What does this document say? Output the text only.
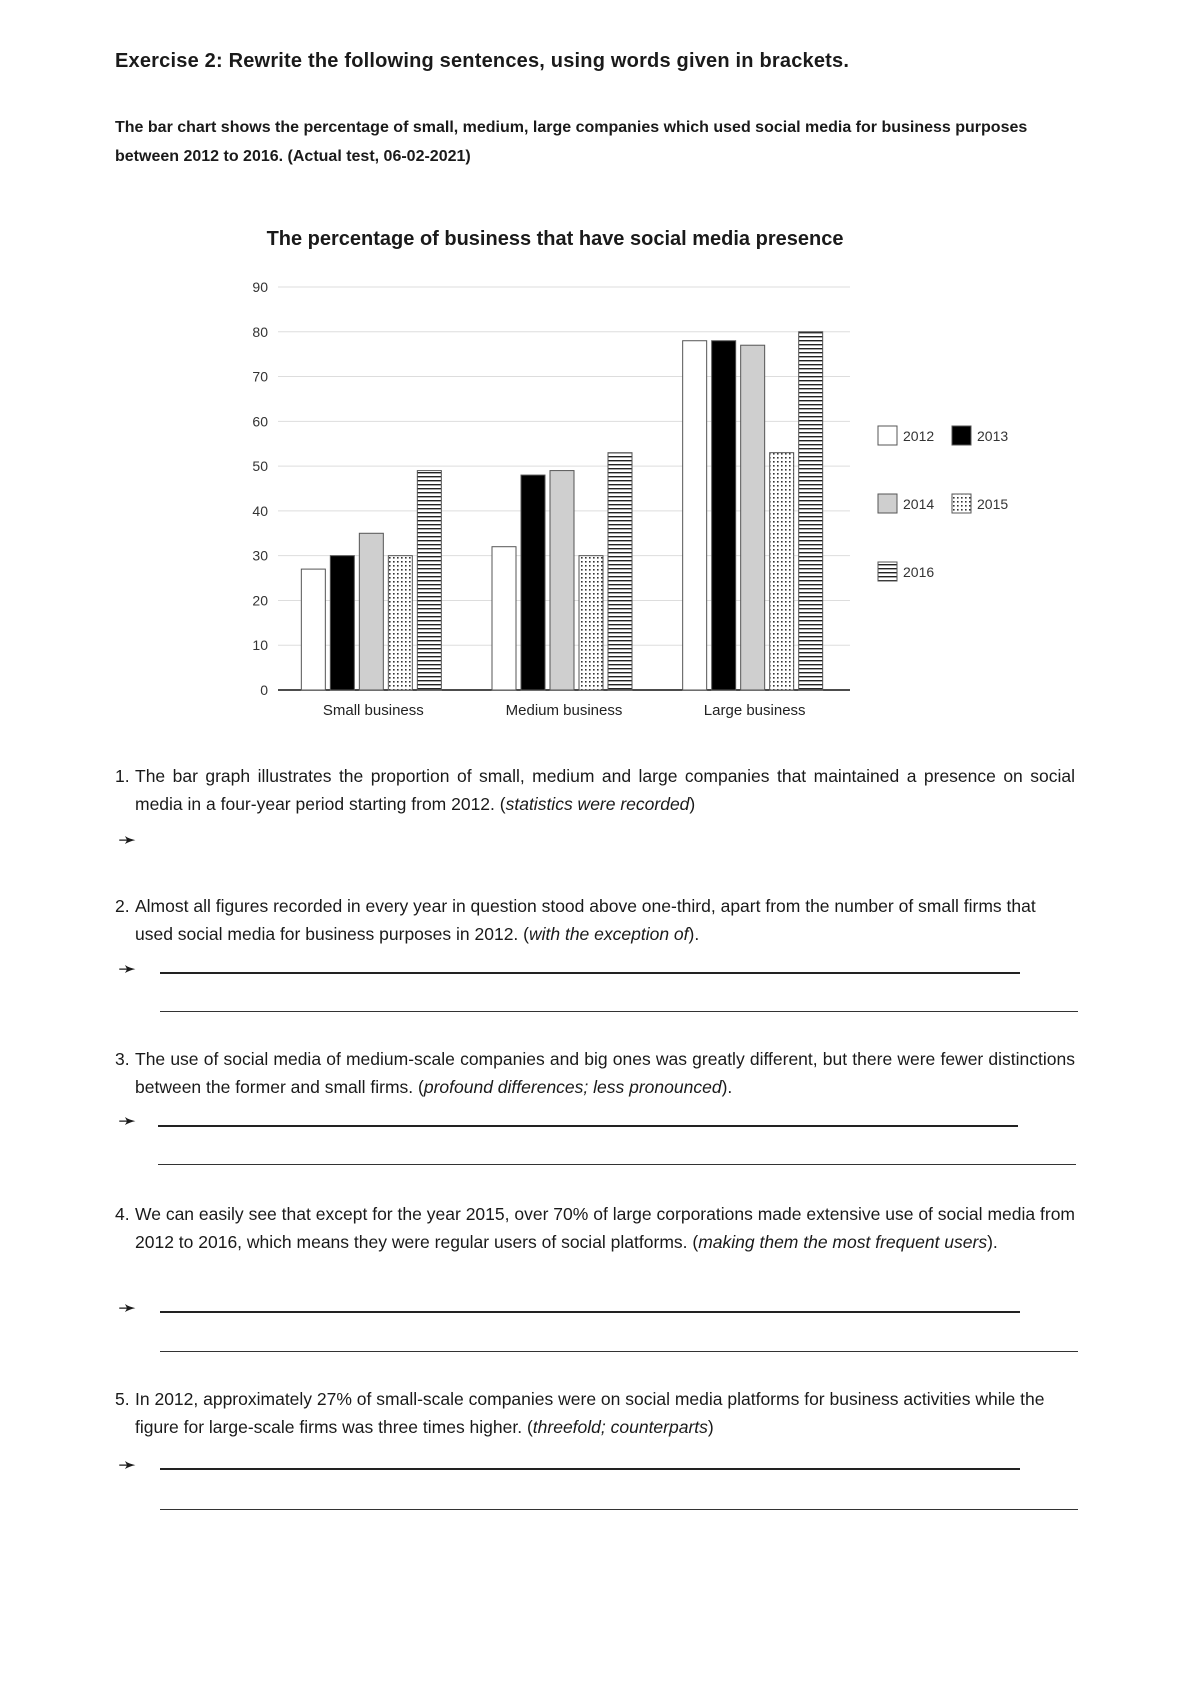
Exercise 2: Rewrite the following sentences, using words given in brackets.
The bar chart shows the percentage of small, medium, large companies which used social media for business purposes between 2012 to 2016. (Actual test, 06-02-2021)
The percentage of business that have social media presence
0
10
20
30
40
50
60
70
80
90
Small business	Medium business	Large business
2012	2013
2014	2015
2016
1. The bar graph illustrates the proportion of small, medium and large companies that maintained a presence on social media in a four-year period starting from 2012. (statistics were recorded)
➛
2. Almost all figures recorded in every year in question stood above one-third, apart from the number of small firms that used social media for business purposes in 2012. (with the exception of).
➛
3. The use of social media of medium-scale companies and big ones was greatly different, but there were fewer distinctions between the former and small firms. (profound differences; less pronounced).
➛
4. We can easily see that except for the year 2015, over 70% of large corporations made extensive use of social media from 2012 to 2016, which means they were regular users of social platforms. (making them the most frequent users).
➛
5. In 2012, approximately 27% of small-scale companies were on social media platforms for business activities while the figure for large-scale firms was three times higher. (threefold; counterparts)
➛
